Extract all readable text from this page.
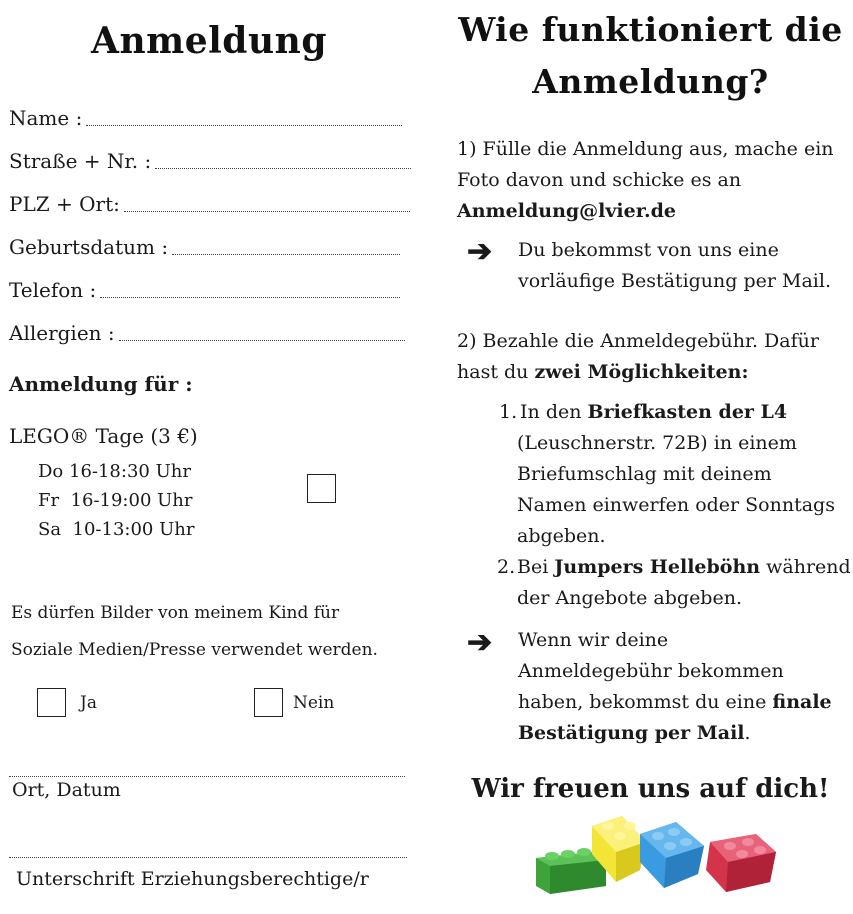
Anmeldung
Name :
Straße + Nr. :
PLZ + Ort:
Geburtsdatum :
Telefon :
Allergien :
Anmeldung für :
LEGO® Tage (3 €)
Do 16-18:30 Uhr
Fr  16-19:00 Uhr
Sa  10-13:00 Uhr
Es dürfen Bilder von meinem Kind für
Soziale Medien/Presse verwendet werden.
Ja	Nein
Ort, Datum
Unterschrift Erziehungsberechtige/r
Wie funktioniert die
Anmeldung?
1) Fülle die Anmeldung aus, mache ein
Foto davon und schicke es an
Anmeldung@lvier.de
➔ Du bekommst von uns eine
vorläufige Bestätigung per Mail.
2) Bezahle die Anmeldegebühr. Dafür
hast du zwei Möglichkeiten:
1.
In den Briefkasten der L4
(Leuschnerstr. 72B) in einem
Briefumschlag mit deinem
Namen einwerfen oder Sonntags
abgeben.
2. Bei Jumpers Helleböhn während
der Angebote abgeben.
➔ Wenn wir deine
Anmeldegebühr bekommen
haben, bekommst du eine finale
Bestätigung per Mail.
Wir freuen uns auf dich!
